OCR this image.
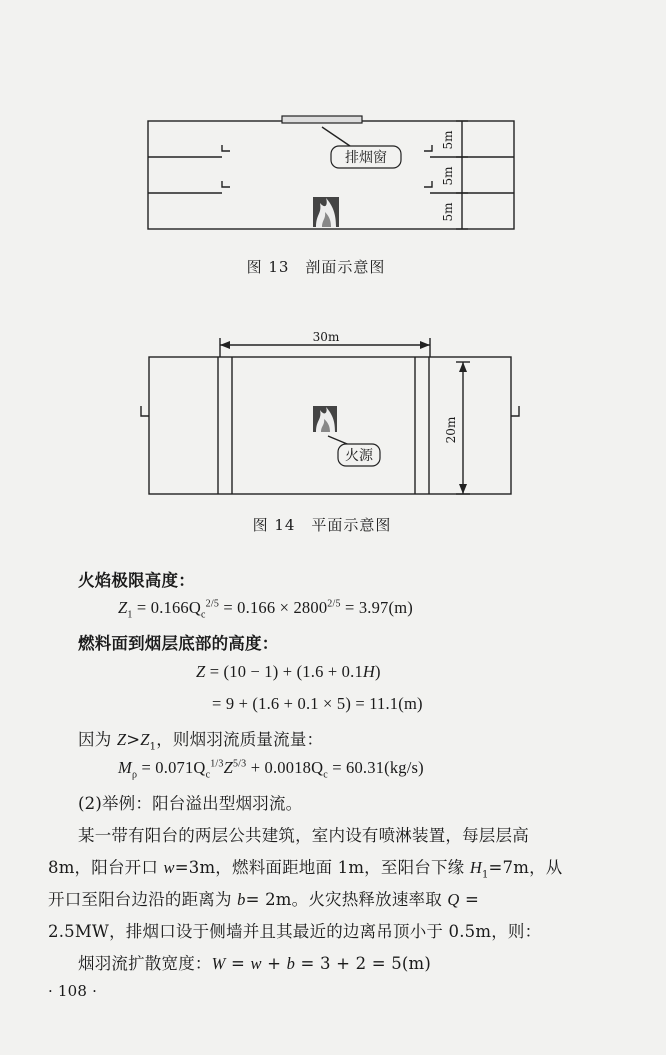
排烟窗
5m
5m
5m
图 13　剖面示意图
30m
20m
火源
图 14　平面示意图
火焰极限高度：
$Z_1 = 0.166Q_c^{2/5} = 0.166 \times 2800^{2/5} = 3.97(m)$
燃料面到烟层底部的高度：
Z = (10 − 1) + (1.6 + 0.1H)
= 9 + (1.6 + 0.1 × 5) = 11.1(m)
因为 $Z>Z_1$，则烟羽流质量流量：
$M_\rho = 0.071Q_c^{1/3}Z^{5/3} + 0.0018Q_c = 60.31(kg/s)$
(2)举例：阳台溢出型烟羽流。
某一带有阳台的两层公共建筑，室内设有喷淋装置，每层层高
8m，阳台开口 w=3m，燃料面距地面 1m，至阳台下缘 $H_1=7m$，从
开口至阳台边沿的距离为 b= 2m。火灾热释放速率取 Q =
2.5MW，排烟口设于侧墙并且其最近的边离吊顶小于 0.5m，则：
烟羽流扩散宽度：W = w + b = 3 + 2 = 5(m)
· 108 ·
